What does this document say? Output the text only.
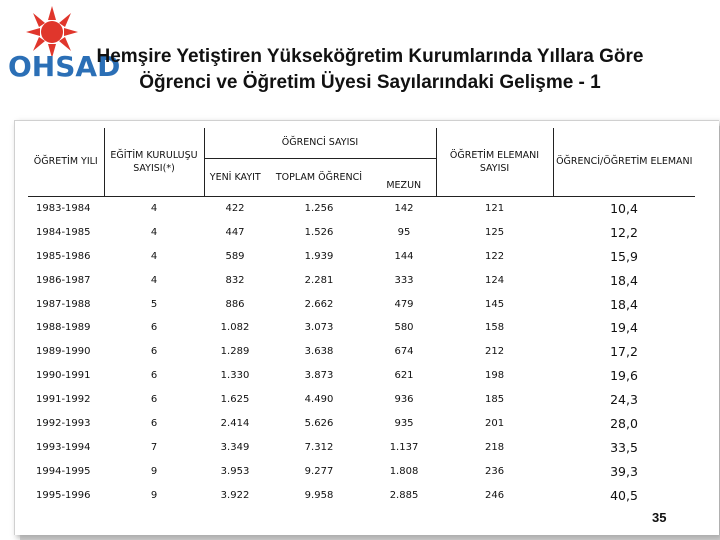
OHSAD
Hemşire Yetiştiren Yükseköğretim Kurumlarında Yıllara Göre
Öğrenci ve Öğretim Üyesi Sayılarındaki Gelişme - 1
ÖĞRETİM YILI	EĞİTİM KURULUŞU SAYISI(*)	ÖĞRENCİ SAYISI			ÖĞRETİM ELEMANI SAYISI	ÖĞRENCİ/ÖĞRETİM ELEMANI
		YENİ KAYIT	TOPLAM ÖĞRENCİ	MEZUN		
1983-1984	4	422	1.256	142	121	10,4
1984-1985	4	447	1.526	95	125	12,2
1985-1986	4	589	1.939	144	122	15,9
1986-1987	4	832	2.281	333	124	18,4
1987-1988	5	886	2.662	479	145	18,4
1988-1989	6	1.082	3.073	580	158	19,4
1989-1990	6	1.289	3.638	674	212	17,2
1990-1991	6	1.330	3.873	621	198	19,6
1991-1992	6	1.625	4.490	936	185	24,3
1992-1993	6	2.414	5.626	935	201	28,0
1993-1994	7	3.349	7.312	1.137	218	33,5
1994-1995	9	3.953	9.277	1.808	236	39,3
1995-1996	9	3.922	9.958	2.885	246	40,5
35
